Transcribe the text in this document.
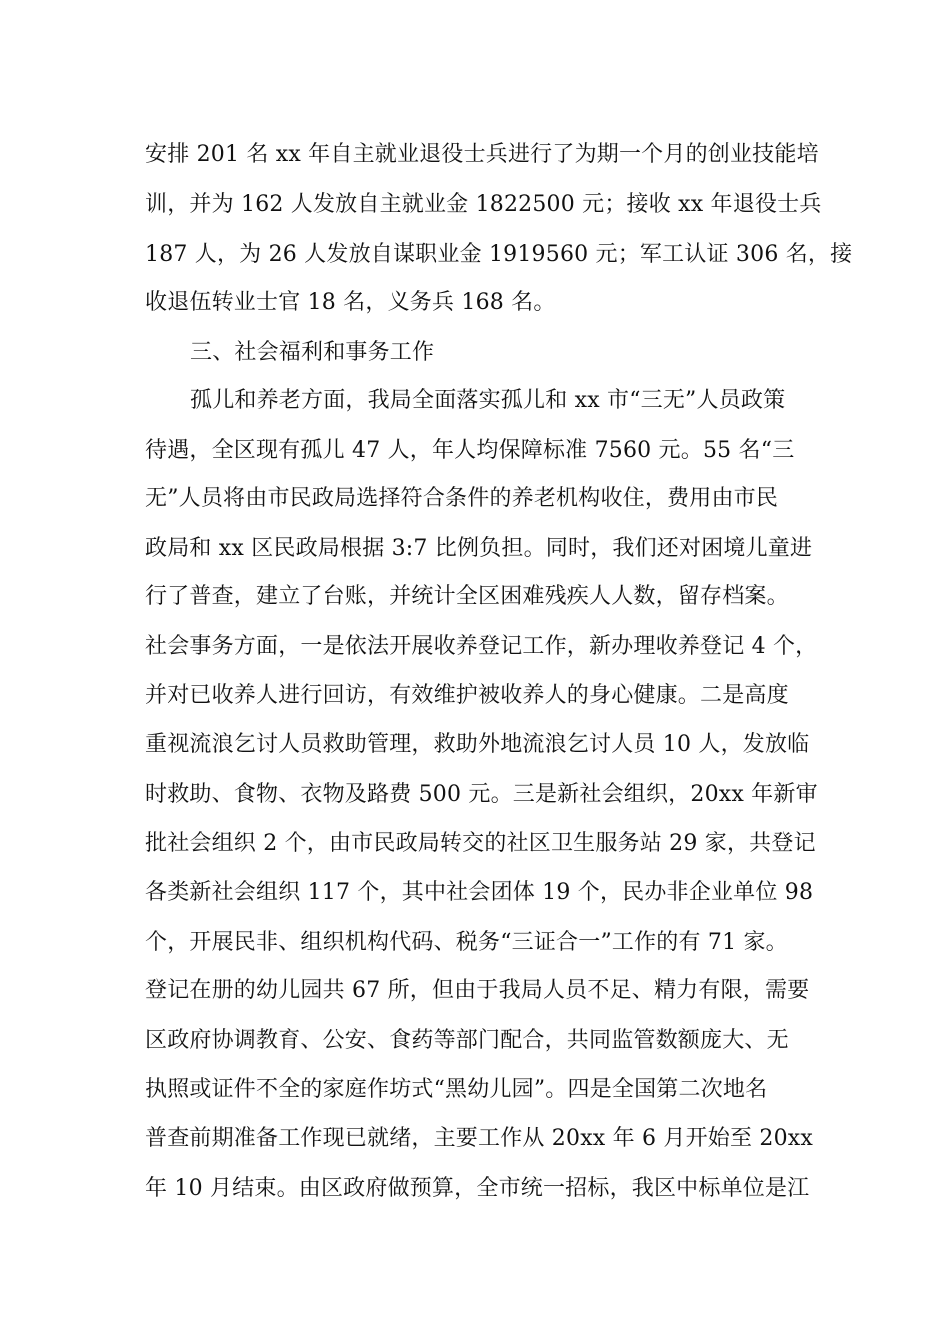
安排 201 名 xx 年自主就业退役士兵进行了为期一个月的创业技能培
训，并为 162 人发放自主就业金 1822500 元；接收 xx 年退役士兵
187 人，为 26 人发放自谋职业金 1919560 元；军工认证 306 名，接
收退伍转业士官 18 名，义务兵 168 名。
三、社会福利和事务工作
孤儿和养老方面，我局全面落实孤儿和 xx 市“三无”人员政策
待遇，全区现有孤儿 47 人，年人均保障标准 7560 元。55 名“三
无”人员将由市民政局选择符合条件的养老机构收住，费用由市民
政局和 xx 区民政局根据 3:7 比例负担。同时，我们还对困境儿童进
行了普查，建立了台账，并统计全区困难残疾人人数，留存档案。
社会事务方面，一是依法开展收养登记工作，新办理收养登记 4 个，
并对已收养人进行回访，有效维护被收养人的身心健康。二是高度
重视流浪乞讨人员救助管理，救助外地流浪乞讨人员 10 人，发放临
时救助、食物、衣物及路费 500 元。三是新社会组织，20xx 年新审
批社会组织 2 个，由市民政局转交的社区卫生服务站 29 家，共登记
各类新社会组织 117 个，其中社会团体 19 个，民办非企业单位 98
个，开展民非、组织机构代码、税务“三证合一”工作的有 71 家。
登记在册的幼儿园共 67 所，但由于我局人员不足、精力有限，需要
区政府协调教育、公安、食药等部门配合，共同监管数额庞大、无
执照或证件不全的家庭作坊式“黑幼儿园”。四是全国第二次地名
普查前期准备工作现已就绪，主要工作从 20xx 年 6 月开始至 20xx
年 10 月结束。由区政府做预算，全市统一招标，我区中标单位是江
